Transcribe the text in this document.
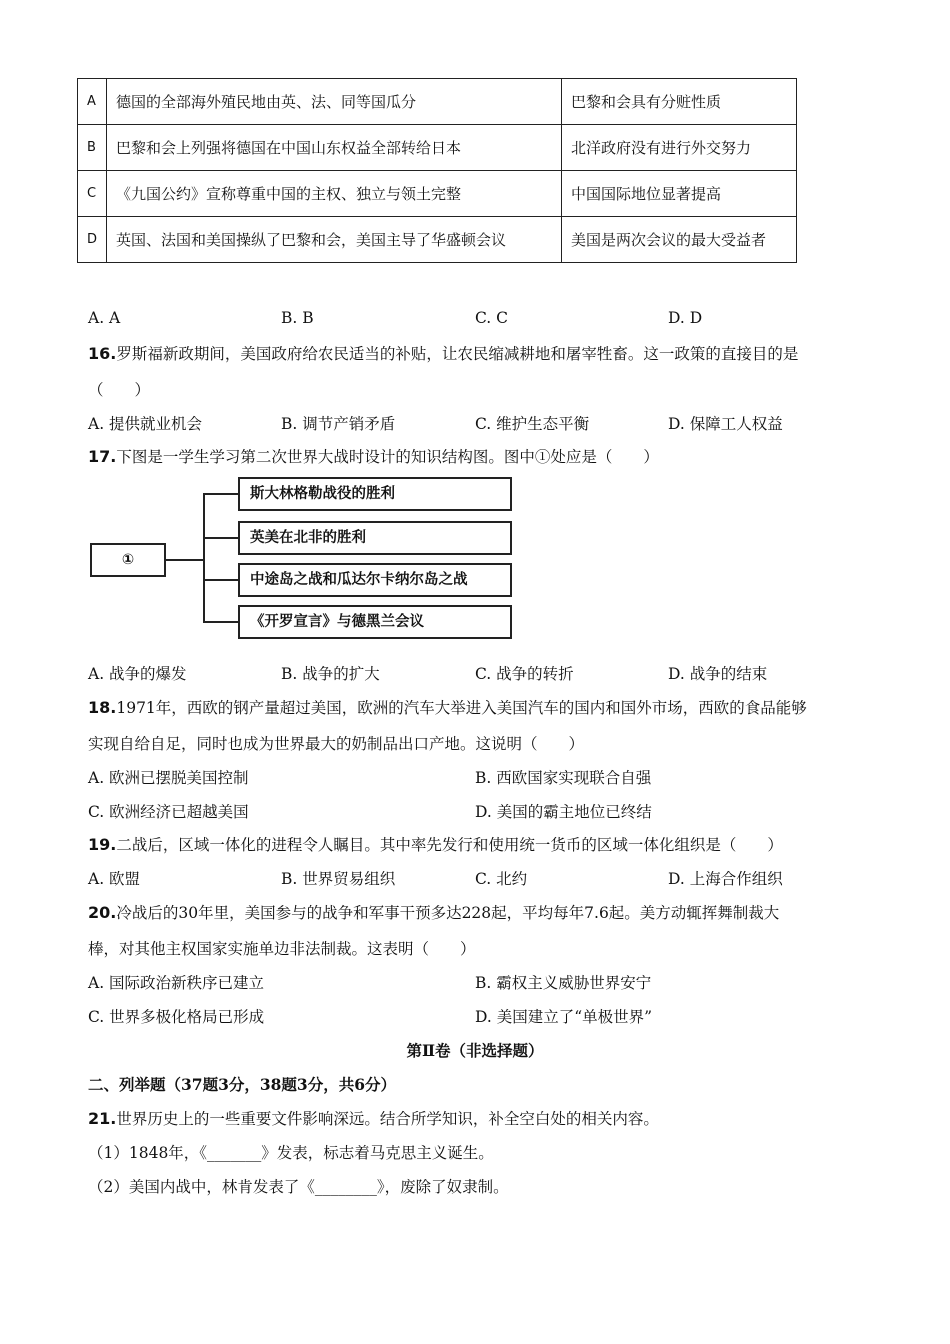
A	德国的全部海外殖民地由英、法、同等国瓜分	巴黎和会具有分赃性质
B	巴黎和会上列强将德国在中国山东权益全部转给日本	北洋政府没有进行外交努力
C	《九国公约》宣称尊重中国的主权、独立与领土完整	中国国际地位显著提高
D	英国、法国和美国操纵了巴黎和会，美国主导了华盛顿会议	美国是两次会议的最大受益者
A. A	B. B	C. C	D. D
16.罗斯福新政期间，美国政府给农民适当的补贴，让农民缩减耕地和屠宰牲畜。这一政策的直接目的是
（　　）
A. 提供就业机会	B. 调节产销矛盾	C. 维护生态平衡	D. 保障工人权益
17.下图是一学生学习第二次世界大战时设计的知识结构图。图中①处应是（　　）
①
斯大林格勒战役的胜利
英美在北非的胜利
中途岛之战和瓜达尔卡纳尔岛之战
《开罗宣言》与德黑兰会议
A. 战争的爆发	B. 战争的扩大	C. 战争的转折	D. 战争的结束
18.1971年，西欧的钢产量超过美国，欧洲的汽车大举进入美国汽车的国内和国外市场，西欧的食品能够
实现自给自足，同时也成为世界最大的奶制品出口产地。这说明（　　）
A. 欧洲已摆脱美国控制	B. 西欧国家实现联合自强
C. 欧洲经济已超越美国	D. 美国的霸主地位已终结
19.二战后，区域一体化的进程令人瞩目。其中率先发行和使用统一货币的区域一体化组织是（　　）
A. 欧盟	B. 世界贸易组织	C. 北约	D. 上海合作组织
20.冷战后的30年里，美国参与的战争和军事干预多达228起，平均每年7.6起。美方动辄挥舞制裁大
棒，对其他主权国家实施单边非法制裁。这表明（　　）
A. 国际政治新秩序已建立	B. 霸权主义威胁世界安宁
C. 世界多极化格局已形成	D. 美国建立了“单极世界”
第Ⅱ卷（非选择题）
二、列举题（37题3分，38题3分，共6分）
21.世界历史上的一些重要文件影响深远。结合所学知识，补全空白处的相关内容。
（1）1848年，《_______》发表，标志着马克思主义诞生。
（2）美国内战中，林肯发表了《________》，废除了奴隶制。
